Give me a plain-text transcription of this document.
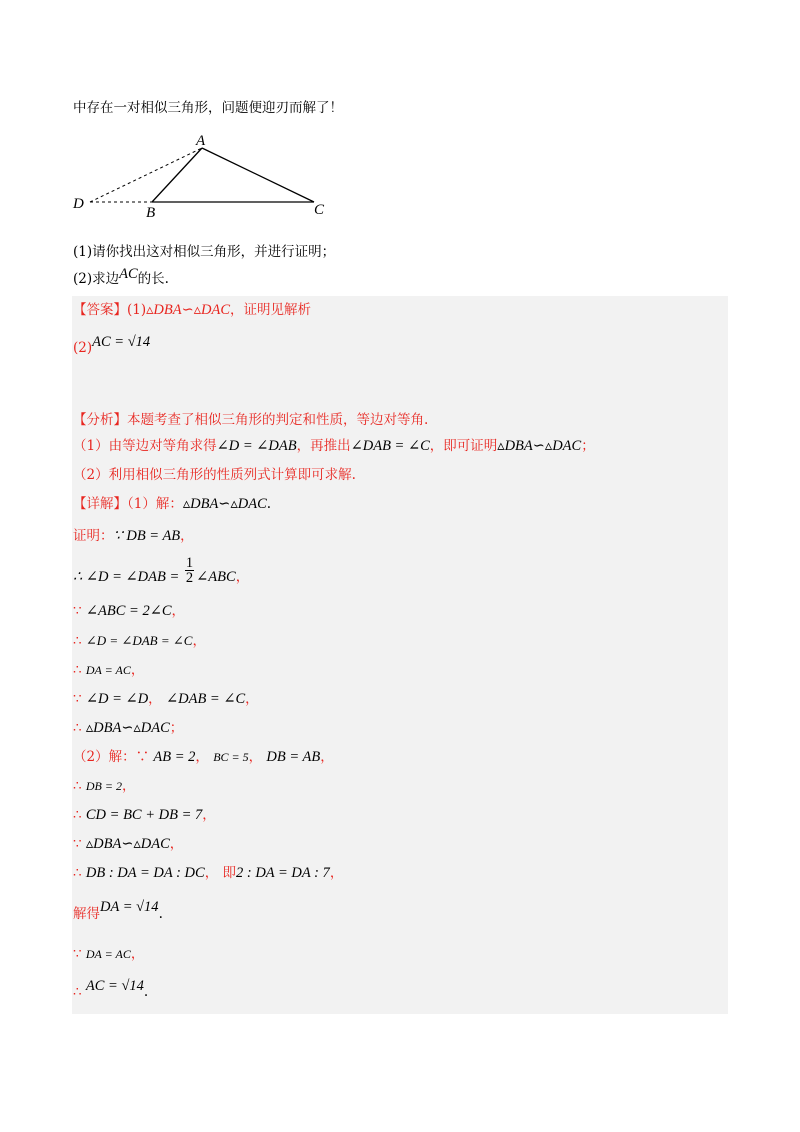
中存在一对相似三角形，问题便迎刃而解了！
A
D
B	C
(1)请你找出这对相似三角形，并进行证明；
(2)求边AC的长.
【答案】(1)▵DBA∽▵DAC，证明见解析
(2)AC = √14
【分析】本题考查了相似三角形的判定和性质，等边对等角.
（1）由等边对等角求得∠D = ∠DAB，再推出∠DAB = ∠C，即可证明▵DBA∽▵DAC；
（2）利用相似三角形的性质列式计算即可求解.
【详解】（1）解：▵DBA∽▵DAC.
证明：∵ DB = AB，
∴ ∠D = ∠DAB = $\frac{1}{2}$ ∠ABC，
∵ ∠ABC = 2∠C，
∴ ∠D = ∠DAB = ∠C，
∴ DA = AC，
∵ ∠D = ∠D， ∠DAB = ∠C，
∴ ▵DBA∽▵DAC；
（2）解：∵ AB = 2， BC = 5， DB = AB，
∴ DB = 2，
∴ CD = BC + DB = 7，
∵ ▵DBA∽▵DAC，
∴ DB : DA = DA : DC， 即2 : DA = DA : 7，
解得DA = √14.
∵ DA = AC，
∴ AC = √14.
